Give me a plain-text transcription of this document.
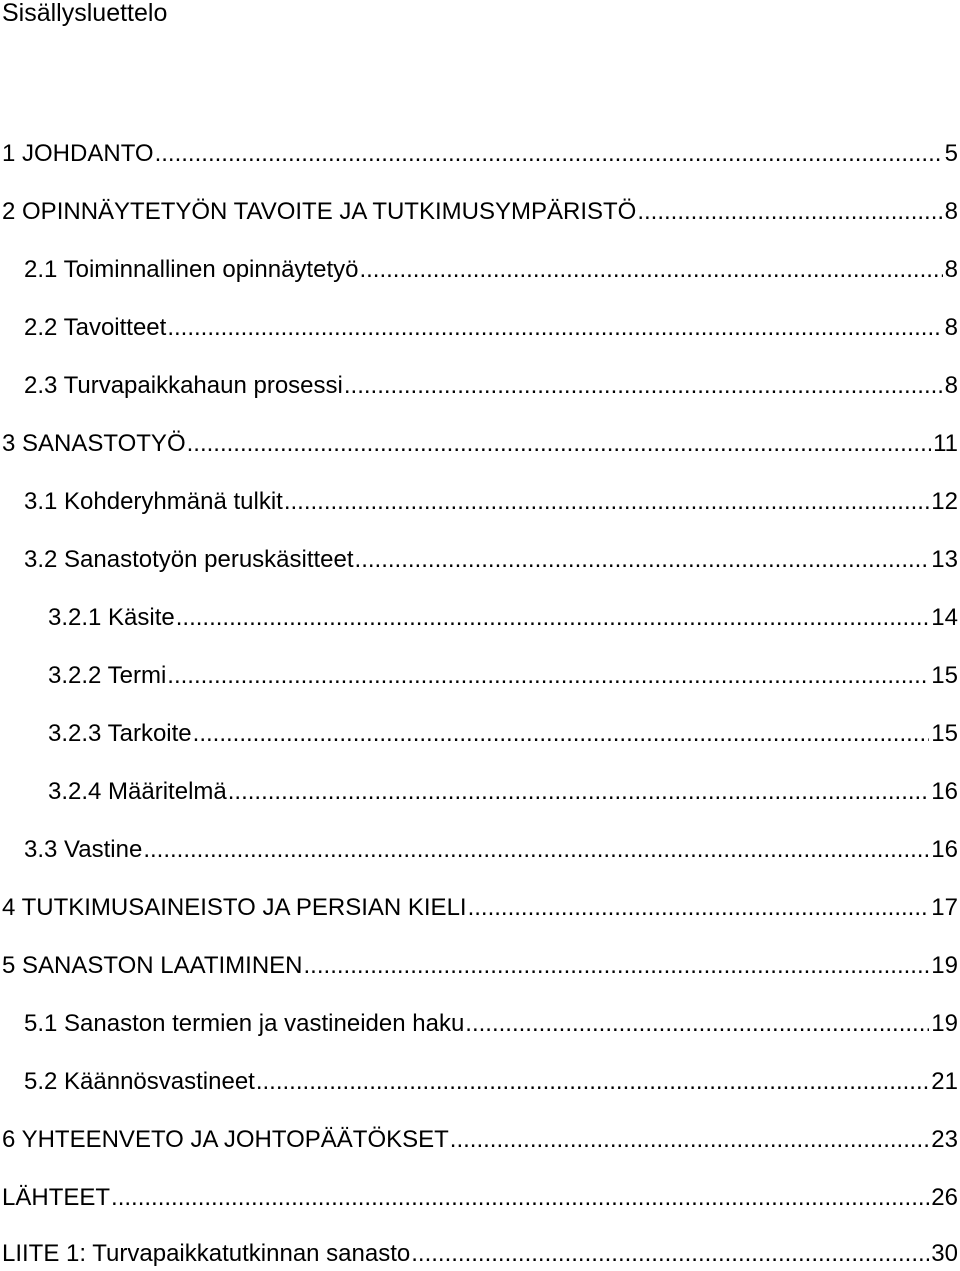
Sisällysluettelo
1 JOHDANTO .....	5
2 OPINNÄYTETYÖN TAVOITE JA TUTKIMUSYMPÄRISTÖ .....	8
2.1 Toiminnallinen opinnäytetyö .....	8
2.2 Tavoitteet .....	8
2.3 Turvapaikkahaun prosessi .....	8
3 SANASTOTYÖ .....	11
3.1 Kohderyhmänä tulkit .....	12
3.2 Sanastotyön peruskäsitteet .....	13
3.2.1 Käsite .....	14
3.2.2 Termi .....	15
3.2.3 Tarkoite .....	15
3.2.4 Määritelmä .....	16
3.3 Vastine .....	16
4 TUTKIMUSAINEISTO JA PERSIAN KIELI .....	17
5 SANASTON LAATIMINEN .....	19
5.1 Sanaston termien ja vastineiden haku .....	19
5.2 Käännösvastineet .....	21
6 YHTEENVETO JA JOHTOPÄÄTÖKSET .....	23
LÄHTEET .....	26
LIITE 1: Turvapaikkatutkinnan sanasto .....	30
